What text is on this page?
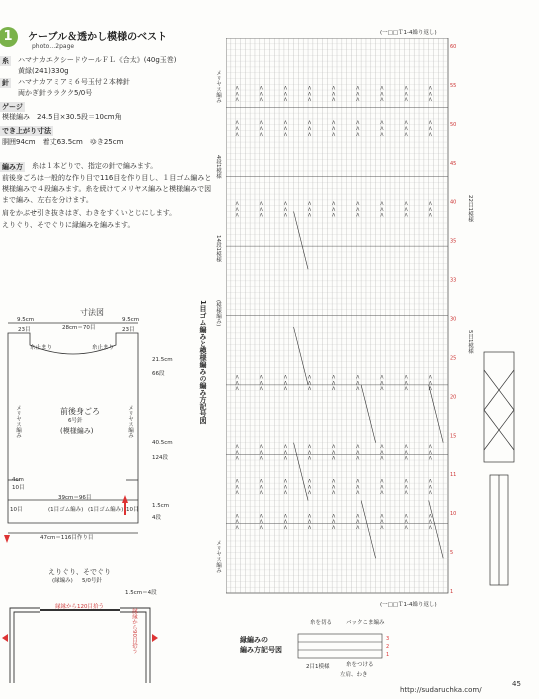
1	ケーブル＆透かし模様のベスト
photo…2page
糸 ハマナカエクシードウールＦＬ《合太》(40g玉巻)
黄緑(241)330g
針 ハマナカアミアミ６号玉付２本棒針
両かぎ針ララクク5/0号
ゲージ
模様編み　24.5目×30.5段＝10cm角
でき上がり寸法
胴囲94cm　着丈63.5cm　ゆき25cm
編み方 糸は１本どりで、指定の針で編みます。
前後身ごろは一般的な作り目で116目を作り目し、１目ゴム編みと模様編みで４段編みます。糸を続けてメリヤス編みと模様編みで図まで編み、左右を分けます。
肩をかぶせ引き抜きはぎ、わきをすくいとじにします。
えりぐり、そでぐりに縁編みを編みます。
寸法図
9.5cm
23目	28cm＝70目
9.5cm
23目
糸止まり	糸止まり
前後身ごろ
6号針
(模様編み)
メリヤス編み	メリヤス編み
(1目ゴム編み) (1目ゴム編み)
39cm＝96目
47cm＝116目作り目
10目	10目
4cm
10目
21.5cm
66段
40.5cm
124段
1.5cm
4段
えりぐり、そでぐり
(縁編み) 5/0号針
1.5cm＝4段
縁縁から120目拾う
縁縁から90目拾う
1目ゴム編みと模様編みの編み方記号図
(一□□Ｔ1-4繰り返し)
(一□□Ｔ1-4繰り返し)
Λ	Λ	Λ	Λ	Λ	Λ	Λ	Λ	Λ
Λ	Λ	Λ	Λ	Λ	Λ	Λ	Λ	Λ
Λ	Λ	Λ	Λ	Λ	Λ	Λ	Λ	Λ
Λ	Λ	Λ	Λ	Λ	Λ	Λ	Λ	Λ
Λ	Λ	Λ	Λ	Λ	Λ	Λ	Λ	Λ
Λ	Λ	Λ	Λ	Λ	Λ	Λ	Λ	Λ
Λ	Λ	Λ	Λ	Λ	Λ	Λ	Λ	Λ
Λ	Λ	Λ	Λ	Λ	Λ	Λ	Λ	Λ
Λ	Λ	Λ	Λ	Λ	Λ	Λ	Λ	Λ
Λ	Λ	Λ	Λ	Λ	Λ	Λ	Λ	Λ
Λ	Λ	Λ	Λ	Λ	Λ	Λ	Λ	Λ
Λ	Λ	Λ	Λ	Λ	Λ	Λ	Λ	Λ
Λ	Λ	Λ	Λ	Λ	Λ	Λ	Λ	Λ
Λ	Λ	Λ	Λ	Λ	Λ	Λ	Λ	Λ
Λ	Λ	Λ	Λ	Λ	Λ	Λ	Λ	Λ
Λ	Λ	Λ	Λ	Λ	Λ	Λ	Λ	Λ
Λ	Λ	Λ	Λ	Λ	Λ	Λ	Λ	Λ
Λ	Λ	Λ	Λ	Λ	Λ	Λ	Λ	Λ
Λ	Λ	Λ	Λ	Λ	Λ	Λ	Λ	Λ
Λ	Λ	Λ	Λ	Λ	Λ	Λ	Λ	Λ
Λ	Λ	Λ	Λ	Λ	Λ	Λ	Λ	Λ
60
55
50
45
40
35
33
30
25
20
15
11
10
5
1
メリヤス編み
4段1模様
14段1模様
(模様編み)
メリヤス編み
22目1模様
5目1模様
縁編みの
編み方記号図
3
2
1
糸を切る	バックこま編み
2目1模様	糸をつける
左肩、わき
http://sudaruchka.com/
45
